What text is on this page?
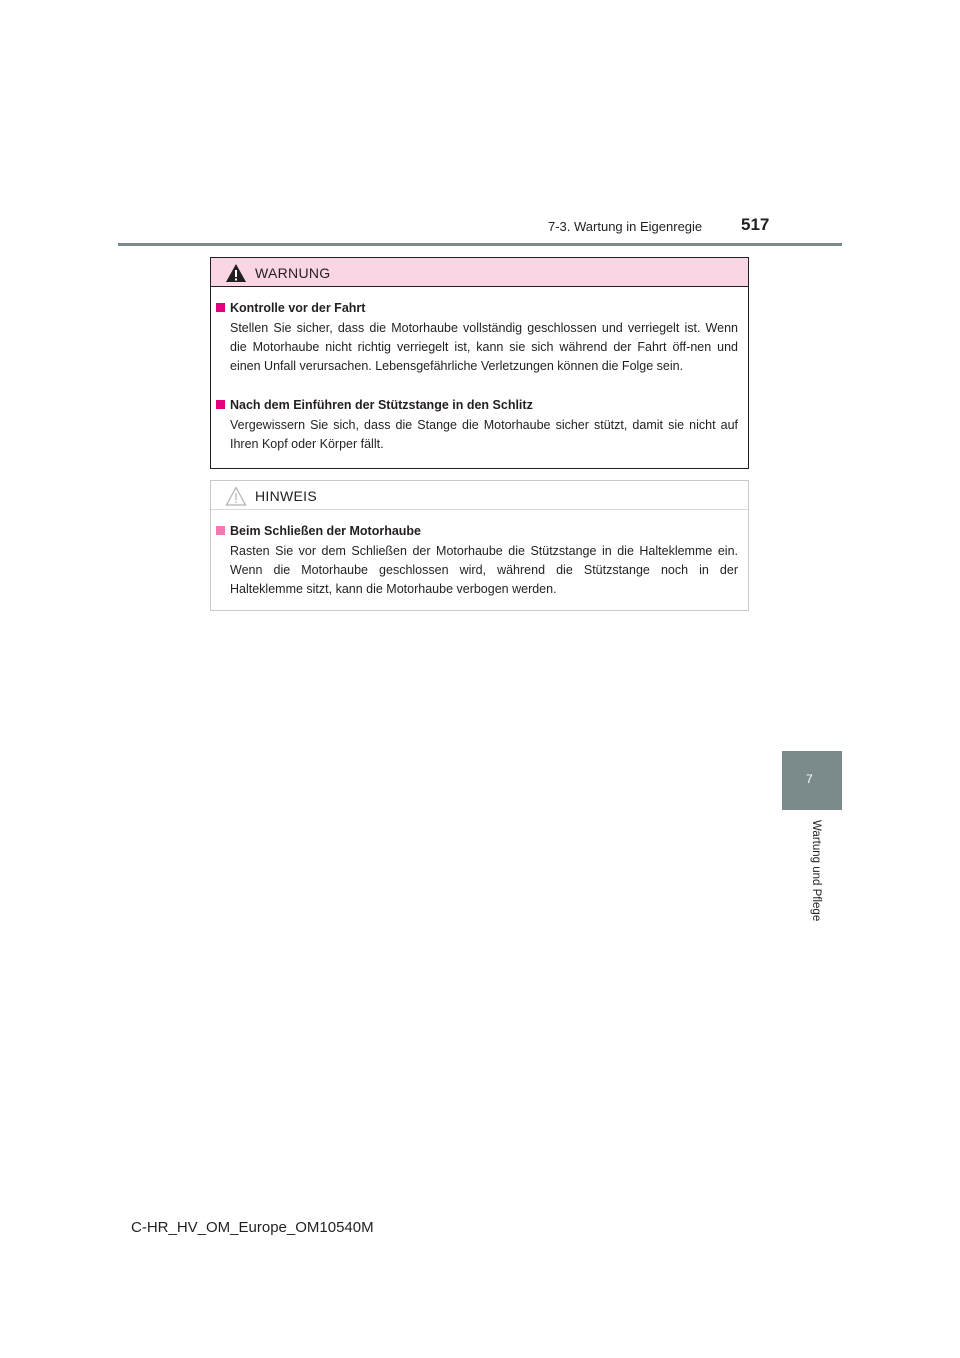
7-3. Wartung in Eigenregie 517
WARNUNG
Kontrolle vor der Fahrt
Stellen Sie sicher, dass die Motorhaube vollständig geschlossen und verriegelt ist. Wenn die Motorhaube nicht richtig verriegelt ist, kann sie sich während der Fahrt öff-nen und einen Unfall verursachen. Lebensgefährliche Verletzungen können die Folge sein.
Nach dem Einführen der Stützstange in den Schlitz
Vergewissern Sie sich, dass die Stange die Motorhaube sicher stützt, damit sie nicht auf Ihren Kopf oder Körper fällt.
HINWEIS
Beim Schließen der Motorhaube
Rasten Sie vor dem Schließen der Motorhaube die Stützstange in die Halteklemme ein. Wenn die Motorhaube geschlossen wird, während die Stützstange noch in der Halteklemme sitzt, kann die Motorhaube verbogen werden.
7
Wartung und Pflege
C-HR_HV_OM_Europe_OM10540M
